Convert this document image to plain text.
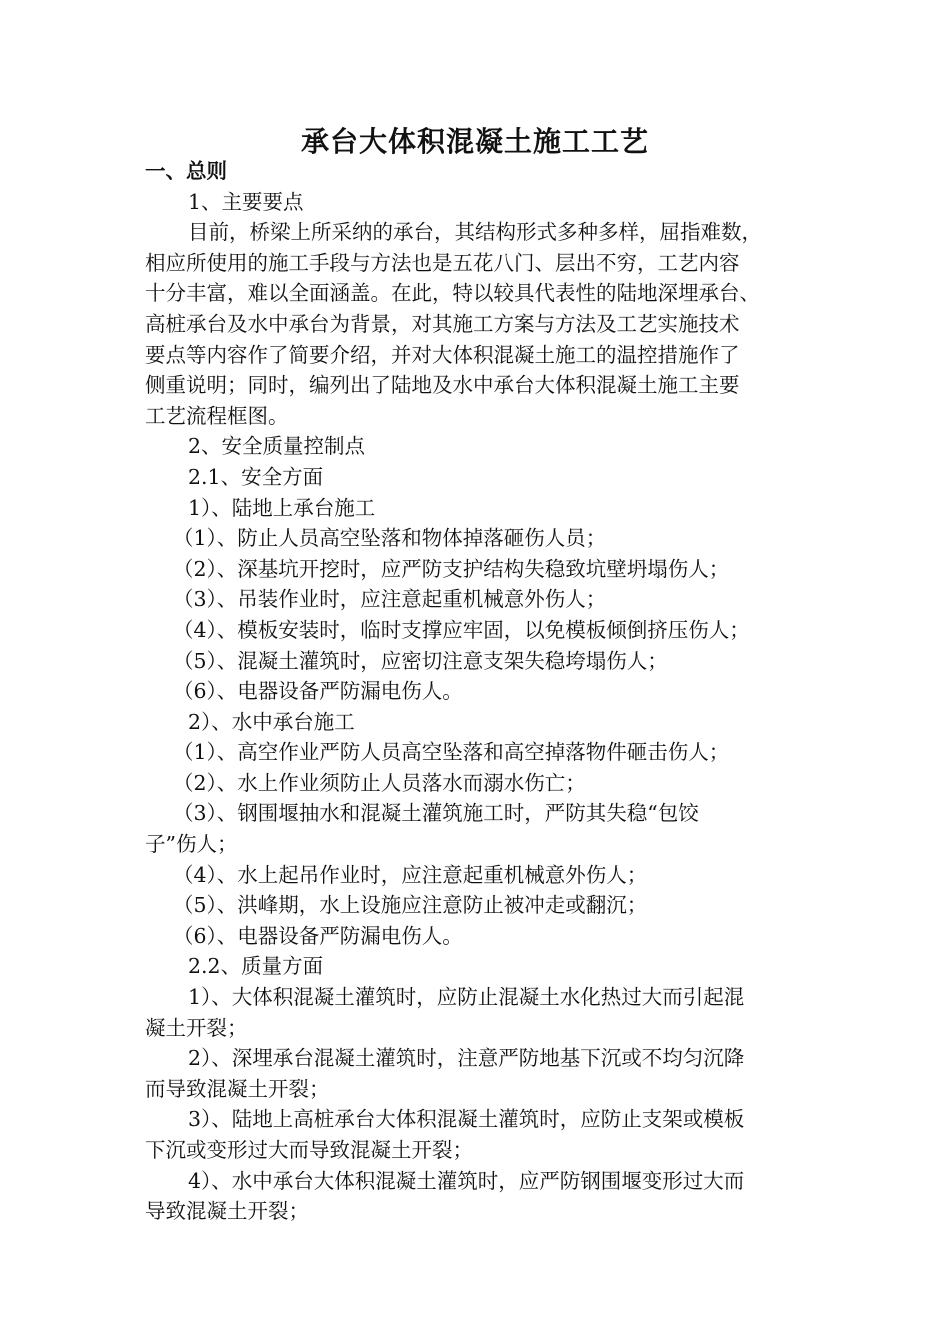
承台大体积混凝土施工工艺
一、总则
1、主要要点
目前，桥梁上所采纳的承台，其结构形式多种多样，屈指难数，
相应所使用的施工手段与方法也是五花八门、层出不穷，工艺内容
十分丰富，难以全面涵盖。在此，特以较具代表性的陆地深埋承台、
高桩承台及水中承台为背景，对其施工方案与方法及工艺实施技术
要点等内容作了简要介绍，并对大体积混凝土施工的温控措施作了
侧重说明；同时，编列出了陆地及水中承台大体积混凝土施工主要
工艺流程框图。
2、安全质量控制点
2.1、安全方面
1）、陆地上承台施工
（1）、防止人员高空坠落和物体掉落砸伤人员；
（2）、深基坑开挖时，应严防支护结构失稳致坑壁坍塌伤人；
（3）、吊装作业时，应注意起重机械意外伤人；
（4）、模板安装时，临时支撑应牢固，以免模板倾倒挤压伤人；
（5）、混凝土灌筑时，应密切注意支架失稳垮塌伤人；
（6）、电器设备严防漏电伤人。
2）、水中承台施工
（1）、高空作业严防人员高空坠落和高空掉落物件砸击伤人；
（2）、水上作业须防止人员落水而溺水伤亡；
（3）、钢围堰抽水和混凝土灌筑施工时，严防其失稳“包饺
子”伤人；
（4）、水上起吊作业时，应注意起重机械意外伤人；
（5）、洪峰期，水上设施应注意防止被冲走或翻沉；
（6）、电器设备严防漏电伤人。
2.2、质量方面
1）、大体积混凝土灌筑时，应防止混凝土水化热过大而引起混
凝土开裂；
2）、深埋承台混凝土灌筑时，注意严防地基下沉或不均匀沉降
而导致混凝土开裂；
3）、陆地上高桩承台大体积混凝土灌筑时，应防止支架或模板
下沉或变形过大而导致混凝土开裂；
4）、水中承台大体积混凝土灌筑时，应严防钢围堰变形过大而
导致混凝土开裂；
